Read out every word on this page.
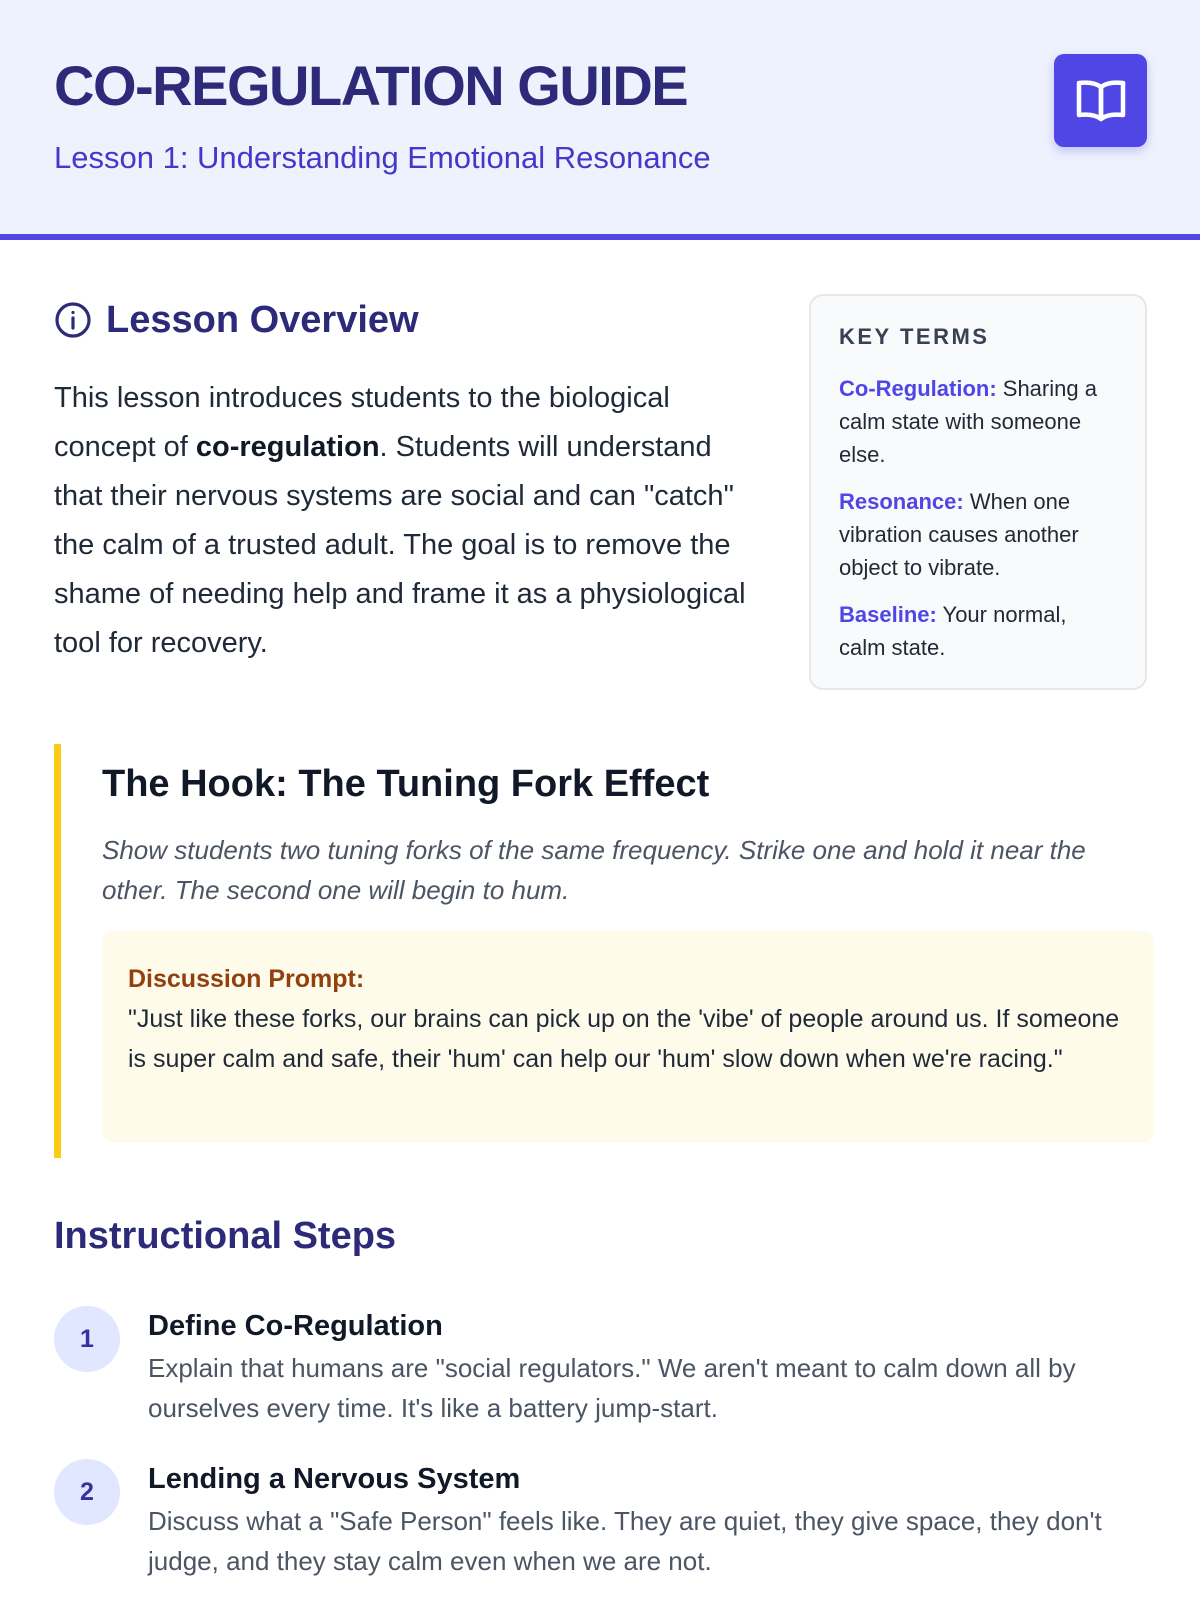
CO-REGULATION GUIDE
Lesson 1: Understanding Emotional Resonance
Lesson Overview

This lesson introduces students to the biological concept of co-regulation. Students will understand that their nervous systems are social and can "catch" the calm of a trusted adult. The goal is to remove the shame of needing help and frame it as a physiological tool for recovery.

KEY TERMS
Co-Regulation: Sharing a calm state with someone else.
Resonance: When one vibration causes another object to vibrate.
Baseline: Your normal, calm state.
The Hook: The Tuning Fork Effect

Show students two tuning forks of the same frequency. Strike one and hold it near the other. The second one will begin to hum.

Discussion Prompt:
"Just like these forks, our brains can pick up on the 'vibe' of people around us. If someone is super calm and safe, their 'hum' can help our 'hum' slow down when we're racing."
Instructional Steps
1	Define Co-Regulation
Explain that humans are "social regulators." We aren't meant to calm down all by ourselves every time. It's like a battery jump-start.
2	Lending a Nervous System
Discuss what a "Safe Person" feels like. They are quiet, they give space, they don't judge, and they stay calm even when we are not.
